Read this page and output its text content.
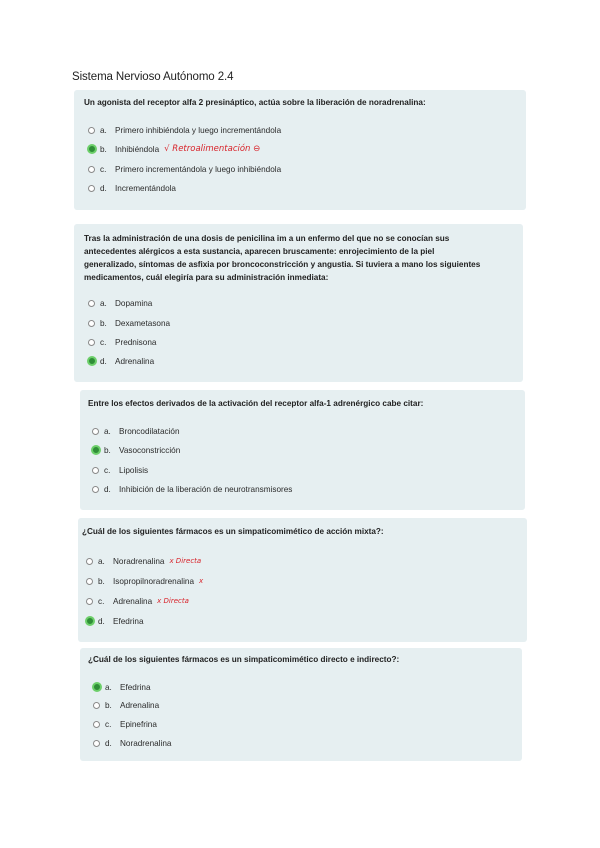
Sistema Nervioso Autónomo 2.4
Un agonista del receptor alfa 2 presináptico, actúa sobre la liberación de noradrenalina:
a. Primero inhibiéndola y luego incrementándola
b. Inhibiéndola √ Retroalimentación ⊖
c.	Primero incrementándola y luego inhibiéndola
d. Incrementándola
Tras la administración de una dosis de penicilina im a un enfermo del que no se conocían sus
antecedentes alérgicos a esta sustancia, aparecen bruscamente: enrojecimiento de la piel
generalizado, síntomas de asfixia por broncoconstricción y angustia. Si tuviera a mano los siguientes
medicamentos, cuál elegiría para su administración inmediata:
a. Dopamina
b. Dexametasona
c.	Prednisona
d. Adrenalina
Entre los efectos derivados de la activación del receptor alfa-1 adrenérgico cabe citar:
a. Broncodilatación
b. Vasoconstricción
c.	Lipolisis
d. Inhibición de la liberación de neurotransmisores
¿Cuál de los siguientes fármacos es un simpaticomimético de acción mixta?:
a. Noradrenalina x Directa
b. Isopropilnoradrenalina x
c.	Adrenalina x Directa
d. Efedrina
¿Cuál de los siguientes fármacos es un simpaticomimético directo e indirecto?:
a. Efedrina
b. Adrenalina
c.	Epinefrina
d. Noradrenalina
